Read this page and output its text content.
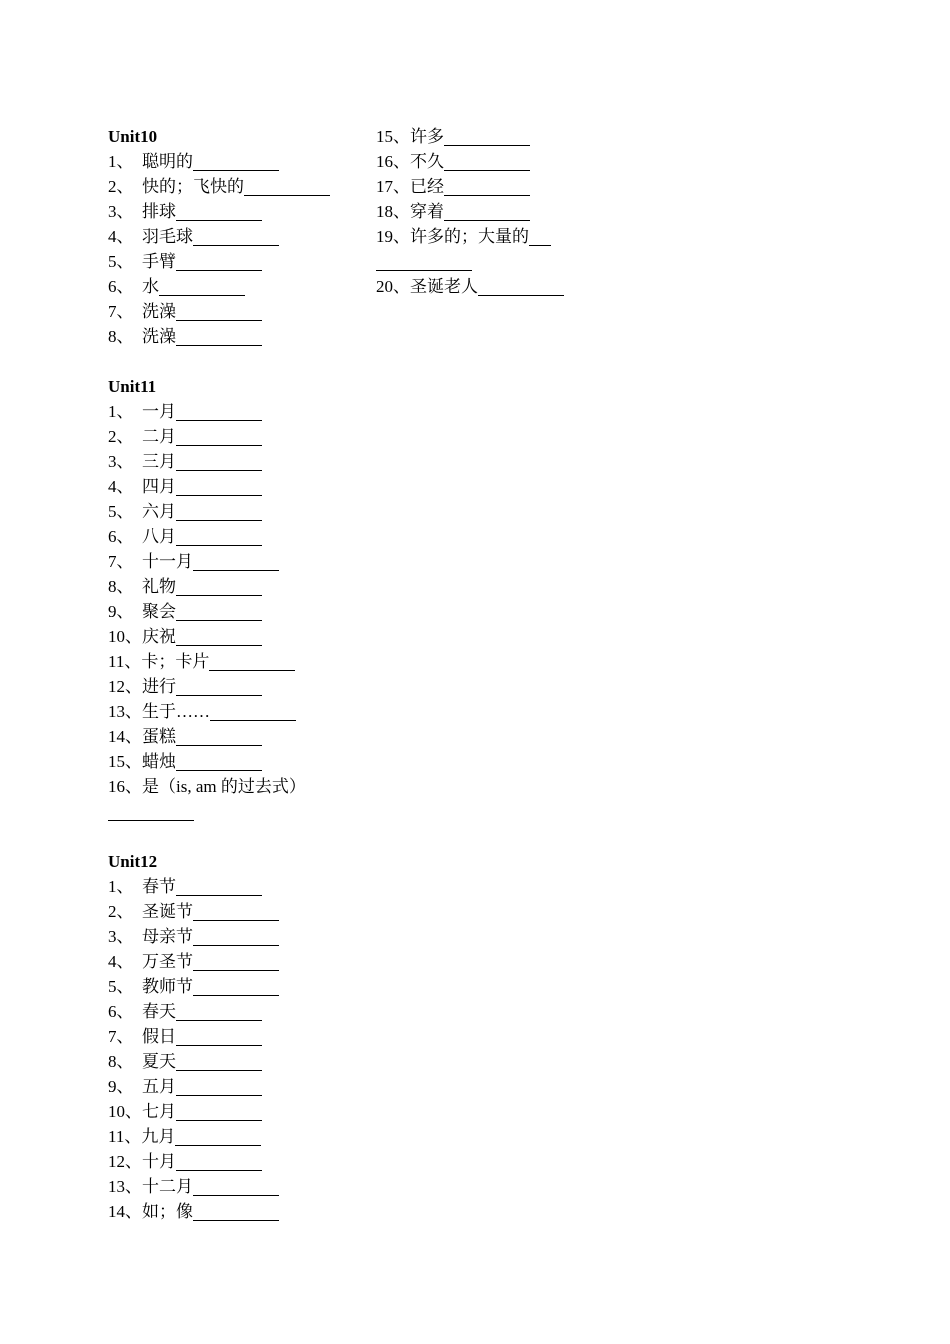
Unit10
1、 聪明的
2、 快的；飞快的
3、 排球
4、 羽毛球
5、 手臂
6、 水
7、 洗澡
8、 洗澡
Unit11
1、 一月
2、 二月
3、 三月
4、 四月
5、 六月
6、 八月
7、 十一月
8、 礼物
9、 聚会
10、庆祝
11、卡；卡片
12、进行
13、生于……
14、蛋糕
15、蜡烛
16、是（is, am 的过去式）
Unit12
1、 春节
2、 圣诞节
3、 母亲节
4、 万圣节
5、 教师节
6、 春天
7、 假日
8、 夏天
9、 五月
10、七月
11、九月
12、十月
13、十二月
14、如；像
15、许多
16、不久
17、已经
18、穿着
19、许多的；大量的
20、圣诞老人
